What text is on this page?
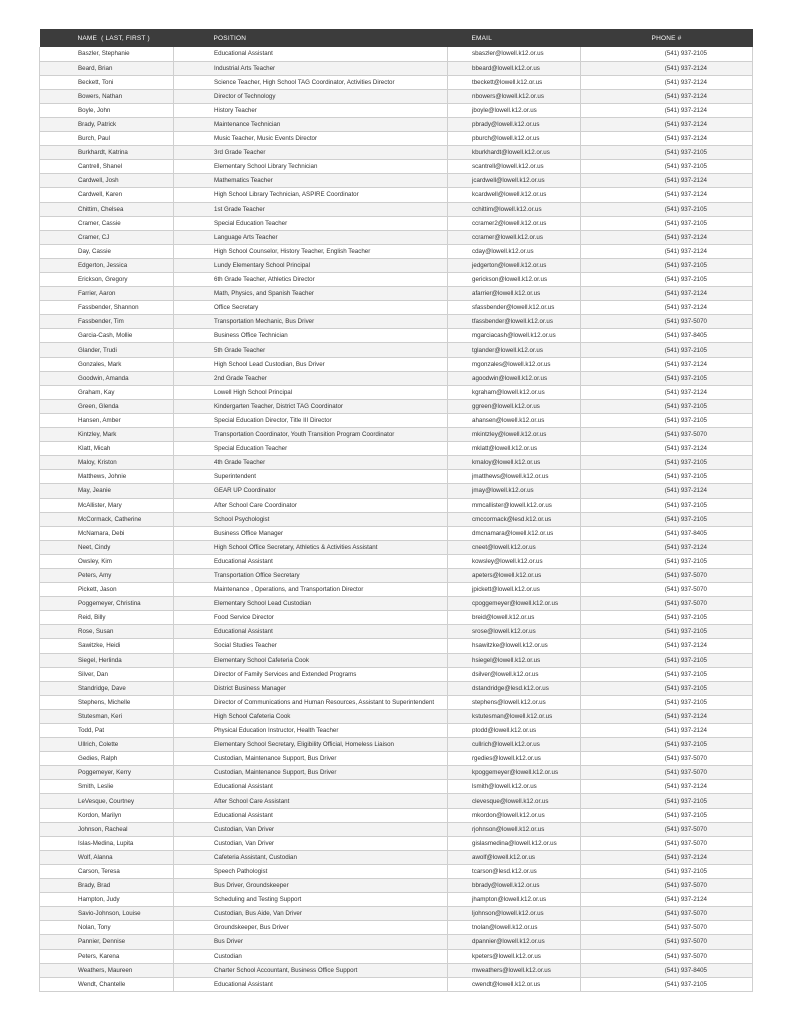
NAME ( LAST, FIRST )	POSITION	EMAIL	PHONE #
Baszler, Stephanie	Educational Assistant	sbaszler@lowell.k12.or.us	(541) 937-2105
Beard, Brian	Industrial Arts Teacher	bbeard@lowell.k12.or.us	(541) 937-2124
Beckett, Toni	Science Teacher, High School TAG Coordinator, Activities Director	tbeckett@lowell.k12.or.us	(541) 937-2124
Bowers, Nathan	Director of Technology	nbowers@lowell.k12.or.us	(541) 937-2124
Boyle, John	History Teacher	jboyle@lowell.k12.or.us	(541) 937-2124
Brady, Patrick	Maintenance Technician	pbrady@lowell.k12.or.us	(541) 937-2124
Burch, Paul	Music Teacher, Music Events Director	pburch@lowell.k12.or.us	(541) 937-2124
Burkhardt, Katrina	3rd Grade Teacher	kburkhardt@lowell.k12.or.us	(541) 937-2105
Cantrell, Shanel	Elementary School Library Technician	scantrell@lowell.k12.or.us	(541) 937-2105
Cardwell, Josh	Mathematics Teacher	jcardwell@lowell.k12.or.us	(541) 937-2124
Cardwell, Karen	High School Library Technician, ASPIRE Coordinator	kcardwell@lowell.k12.or.us	(541) 937-2124
Chittim, Chelsea	1st Grade Teacher	cchittim@lowell.k12.or.us	(541) 937-2105
Cramer, Cassie	Special Education Teacher	ccramer2@lowell.k12.or.us	(541) 937-2105
Cramer, CJ	Language Arts Teacher	ccramer@lowell.k12.or.us	(541) 937-2124
Day, Cassie	High School Counselor, History Teacher, English Teacher	cday@lowell.k12.or.us	(541) 937-2124
Edgerton, Jessica	Lundy Elementary School Principal	jedgerton@lowell.k12.or.us	(541) 937-2105
Erickson, Gregory	6th Grade Teacher, Athletics Director	gerickson@lowell.k12.or.us	(541) 937-2105
Farrier, Aaron	Math, Physics, and Spanish Teacher	afarrier@lowell.k12.or.us	(541) 937-2124
Fassbender, Shannon	Office Secretary	sfassbender@lowell.k12.or.us	(541) 937-2124
Fassbender, Tim	Transportation Mechanic, Bus Driver	tfassbender@lowell.k12.or.us	(541) 937-5070
Garcia-Cash, Mollie	Business Office Technician	mgarciacash@lowell.k12.or.us	(541) 937-8405
Glander, Trudi	5th Grade Teacher	tglander@lowell.k12.or.us	(541) 937-2105
Gonzales, Mark	High School Lead Custodian, Bus Driver	mgonzales@lowell.k12.or.us	(541) 937-2124
Goodwin, Amanda	2nd Grade Teacher	agoodwin@lowell.k12.or.us	(541) 937-2105
Graham, Kay	Lowell High School Principal	kgraham@lowell.k12.or.us	(541) 937-2124
Green, Glenda	Kindergarten Teacher, District TAG Coordinator	ggreen@lowell.k12.or.us	(541) 937-2105
Hansen, Amber	Special Education Director, Title III Director	ahansen@lowell.k12.or.us	(541) 937-2105
Kintzley, Mark	Transportation Coordinator, Youth Transition Program Coordinator	mkintzley@lowell.k12.or.us	(541) 937-5070
Klatt, Micah	Special Education Teacher	mklatt@lowell.k12.or.us	(541) 937-2124
Maloy, Kriston	4th Grade Teacher	kmaloy@lowell.k12.or.us	(541) 937-2105
Matthews, Johnie	Superintendent	jmatthews@lowell.k12.or.us	(541) 937-2105
May, Jeanie	GEAR UP Coordinator	jmay@lowell.k12.or.us	(541) 937-2124
McAllister, Mary	After School Care Coordinator	mmcallister@lowell.k12.or.us	(541) 937-2105
McCormack, Catherine	School Psychologist	cmccormack@lesd.k12.or.us	(541) 937-2105
McNamara, Debi	Business Office Manager	dmcnamara@lowell.k12.or.us	(541) 937-8405
Neet, Cindy	High School Office Secretary, Athletics & Activities Assistant	cneet@lowell.k12.or.us	(541) 937-2124
Owsley, Kim	Educational Assistant	kowsley@lowell.k12.or.us	(541) 937-2105
Peters, Amy	Transportation Office Secretary	apeters@lowell.k12.or.us	(541) 937-5070
Pickett, Jason	Maintenance , Operations, and Transportation Director	jpickett@lowell.k12.or.us	(541) 937-5070
Poggemeyer, Christina	Elementary School Lead Custodian	cpoggemeyer@lowell.k12.or.us	(541) 937-5070
Reid, Billy	Food Service Director	breid@lowell.k12.or.us	(541) 937-2105
Rose, Susan	Educational Assistant	srose@lowell.k12.or.us	(541) 937-2105
Sawitzke, Heidi	Social Studies Teacher	hsawitzke@lowell.k12.or.us	(541) 937-2124
Siegel, Herlinda	Elementary School Cafeteria Cook	hsiegel@lowell.k12.or.us	(541) 937-2105
Silver, Dan	Director of Family Services and Extended Programs	dsilver@lowell.k12.or.us	(541) 937-2105
Standridge, Dave	District Business Manager	dstandridge@lesd.k12.or.us	(541) 937-2105
Stephens, Michelle	Director of Communications and Human Resources, Assistant to Superintendent	stephens@lowell.k12.or.us	(541) 937-2105
Stutesman, Keri	High School Cafeteria Cook	kstutesman@lowell.k12.or.us	(541) 937-2124
Todd, Pat	Physical Education Instructor, Health Teacher	ptodd@lowell.k12.or.us	(541) 937-2124
Ullrich, Colette	Elementary School Secretary, Eligibility Official, Homeless Liaison	cullrich@lowell.k12.or.us	(541) 937-2105
Gedies, Ralph	Custodian, Maintenance Support, Bus Driver	rgedies@lowell.k12.or.us	(541) 937-5070
Poggemeyer, Kerry	Custodian, Maintenance Support, Bus Driver	kpoggemeyer@lowell.k12.or.us	(541) 937-5070
Smith, Leslie	Educational Assistant	lsmith@lowell.k12.or.us	(541) 937-2124
LeVesque, Courtney	After School Care Assistant	clevesque@lowell.k12.or.us	(541) 937-2105
Kordon, Marilyn	Educational Assistant	mkordon@lowell.k12.or.us	(541) 937-2105
Johnson, Racheal	Custodian, Van Driver	rjohnson@lowell.k12.or.us	(541) 937-5070
Islas-Medina, Lupita	Custodian, Van Driver	gislasmedina@lowell.k12.or.us	(541) 937-5070
Wolf, Alanna	Cafeteria Assistant, Custodian	awolf@lowell.k12.or.us	(541) 937-2124
Carson, Teresa	Speech Pathologist	tcarson@lesd.k12.or.us	(541) 937-2105
Brady, Brad	Bus Driver, Groundskeeper	bbrady@lowell.k12.or.us	(541) 937-5070
Hampton, Judy	Scheduling and Testing Support	jhampton@lowell.k12.or.us	(541) 937-2124
Savio-Johnson, Louise	Custodian, Bus Aide, Van Driver	ljohnson@lowell.k12.or.us	(541) 937-5070
Nolan, Tony	Groundskeeper, Bus Driver	tnolan@lowell.k12.or.us	(541) 937-5070
Pannier, Dennise	Bus Driver	dpannier@lowell.k12.or.us	(541) 937-5070
Peters, Karena	Custodian	kpeters@lowell.k12.or.us	(541) 937-5070
Weathers, Maureen	Charter School Accountant, Business Office Support	mweathers@lowell.k12.or.us	(541) 937-8405
Wendt, Chantelle	Educational Assistant	cwendt@lowell.k12.or.us	(541) 937-2105
